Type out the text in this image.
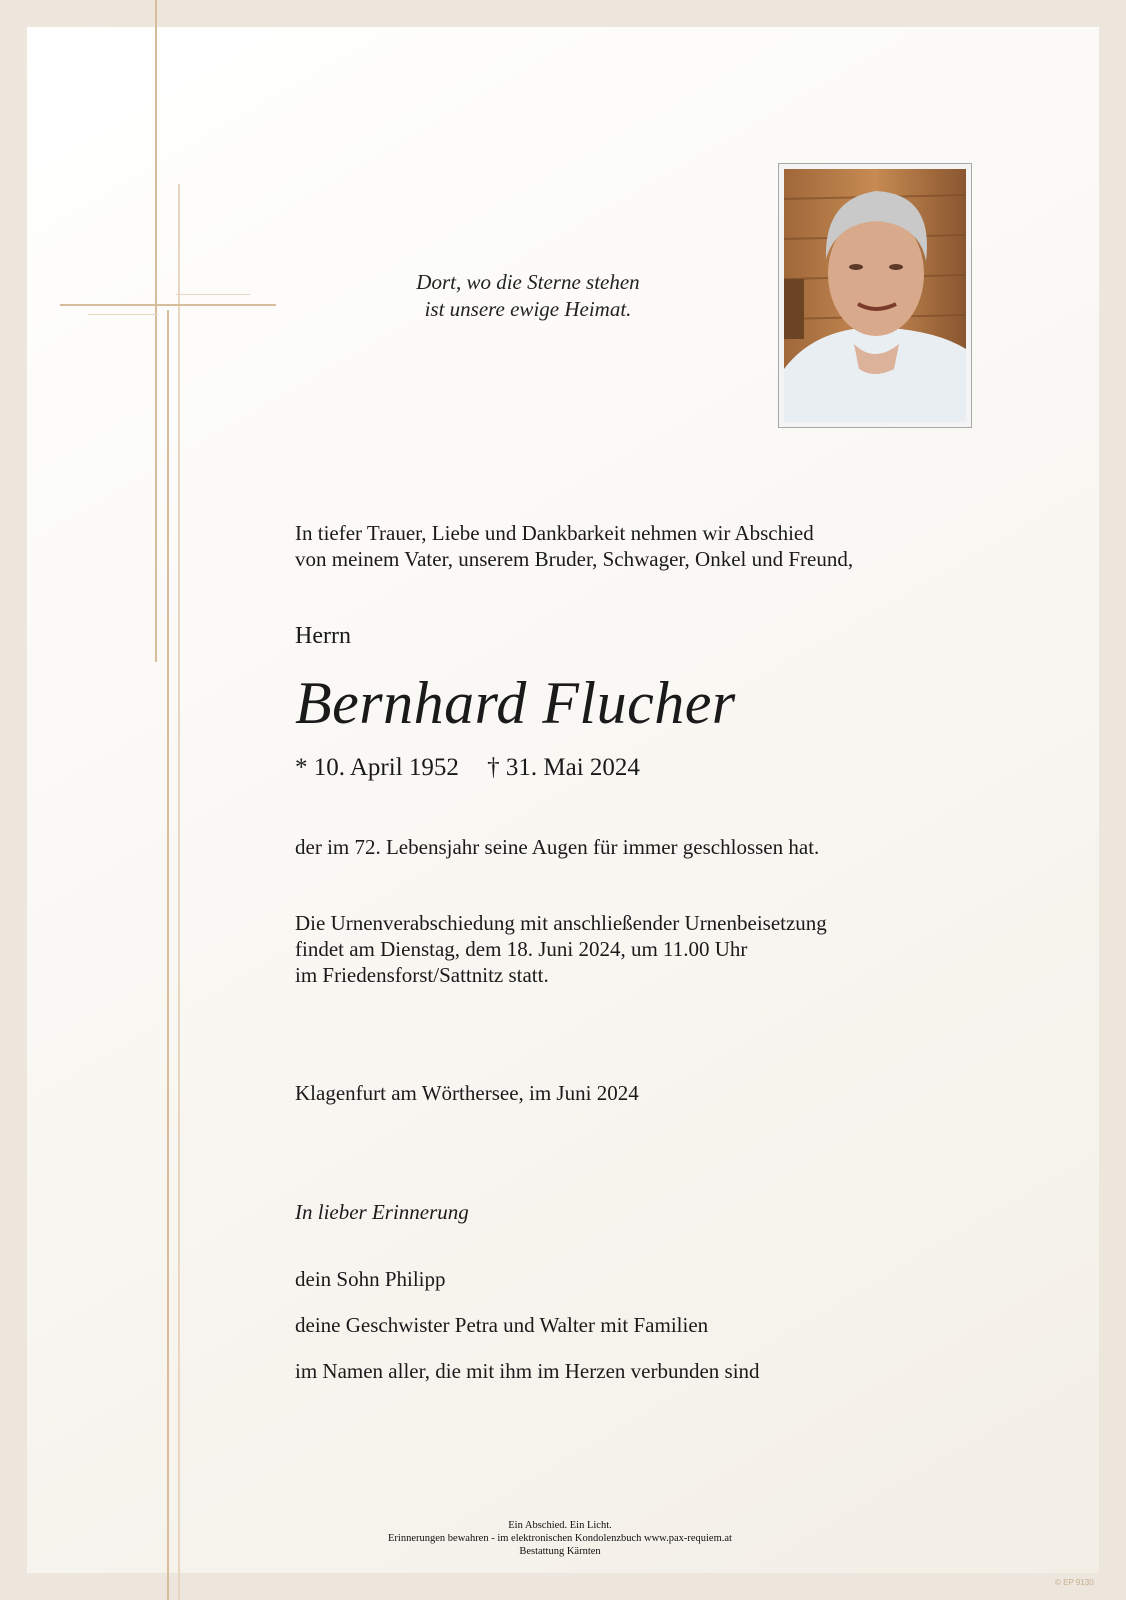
Dort, wo die Sterne stehen
ist unsere ewige Heimat.
In tiefer Trauer, Liebe und Dankbarkeit nehmen wir Abschied
von meinem Vater, unserem Bruder, Schwager, Onkel und Freund,
Herrn
Bernhard Flucher
* 10. April 1952 † 31. Mai 2024
der im 72. Lebensjahr seine Augen für immer geschlossen hat.
Die Urnenverabschiedung mit anschließender Urnenbeisetzung
findet am Dienstag, dem 18. Juni 2024, um 11.00 Uhr
im Friedensforst/Sattnitz statt.
Klagenfurt am Wörthersee, im Juni 2024
In lieber Erinnerung
dein Sohn Philipp
deine Geschwister Petra und Walter mit Familien
im Namen aller, die mit ihm im Herzen verbunden sind
Ein Abschied. Ein Licht.
Erinnerungen bewahren - im elektronischen Kondolenzbuch www.pax-requiem.at
Bestattung Kärnten
© EP 9130
